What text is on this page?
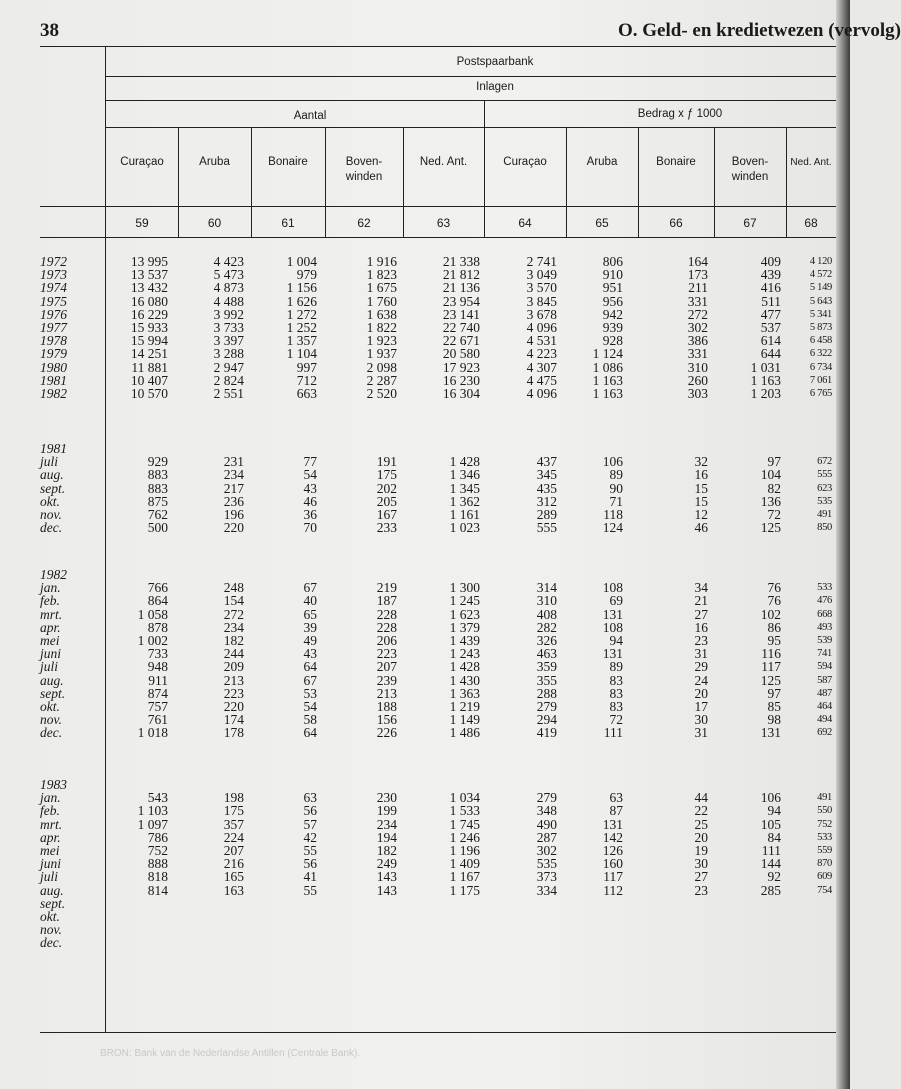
38	O. Geld- en kredietwezen (vervolg)
Postspaarbank
Inlagen
Aantal	Bedrag x ƒ 1000
Curaçao	Aruba	Bonaire	Boven-
winden
Ned. Ant.	Curaçao	Aruba	Bonaire	Boven-
winden
Ned. Ant.
59	60	61	62	63	64	65	66	67	68
1972	13 995	4 423	1 004	1 916	21 338	2 741	806	164	409	4 120
1973	13 537	5 473	979	1 823	21 812	3 049	910	173	439	4 572
1974	13 432	4 873	1 156	1 675	21 136	3 570	951	211	416	5 149
1975	16 080	4 488	1 626	1 760	23 954	3 845	956	331	511	5 643
1976	16 229	3 992	1 272	1 638	23 141	3 678	942	272	477	5 341
1977	15 933	3 733	1 252	1 822	22 740	4 096	939	302	537	5 873
1978	15 994	3 397	1 357	1 923	22 671	4 531	928	386	614	6 458
1979	14 251	3 288	1 104	1 937	20 580	4 223	1 124	331	644	6 322
1980	11 881	2 947	997	2 098	17 923	4 307	1 086	310	1 031	6 734
1981	10 407	2 824	712	2 287	16 230	4 475	1 163	260	1 163	7 061
1982	10 570	2 551	663	2 520	16 304	4 096	1 163	303	1 203	6 765
1981
juli	929	231	77	191	1 428	437	106	32	97	672
aug.	883	234	54	175	1 346	345	89	16	104	555
sept.	883	217	43	202	1 345	435	90	15	82	623
okt.	875	236	46	205	1 362	312	71	15	136	535
nov.	762	196	36	167	1 161	289	118	12	72	491
dec.	500	220	70	233	1 023	555	124	46	125	850
1982
jan.	766	248	67	219	1 300	314	108	34	76	533
feb.	864	154	40	187	1 245	310	69	21	76	476
mrt.	1 058	272	65	228	1 623	408	131	27	102	668
apr.	878	234	39	228	1 379	282	108	16	86	493
mei	1 002	182	49	206	1 439	326	94	23	95	539
juni	733	244	43	223	1 243	463	131	31	116	741
juli	948	209	64	207	1 428	359	89	29	117	594
aug.	911	213	67	239	1 430	355	83	24	125	587
sept.	874	223	53	213	1 363	288	83	20	97	487
okt.	757	220	54	188	1 219	279	83	17	85	464
nov.	761	174	58	156	1 149	294	72	30	98	494
dec.	1 018	178	64	226	1 486	419	111	31	131	692
1983
jan.	543	198	63	230	1 034	279	63	44	106	491
feb.	1 103	175	56	199	1 533	348	87	22	94	550
mrt.	1 097	357	57	234	1 745	490	131	25	105	752
apr.	786	224	42	194	1 246	287	142	20	84	533
mei	752	207	55	182	1 196	302	126	19	111	559
juni	888	216	56	249	1 409	535	160	30	144	870
juli	818	165	41	143	1 167	373	117	27	92	609
aug.	814	163	55	143	1 175	334	112	23	285	754
sept.
okt.
nov.
dec.
BRON: Bank van de Nederlandse Antillen (Centrale Bank).
